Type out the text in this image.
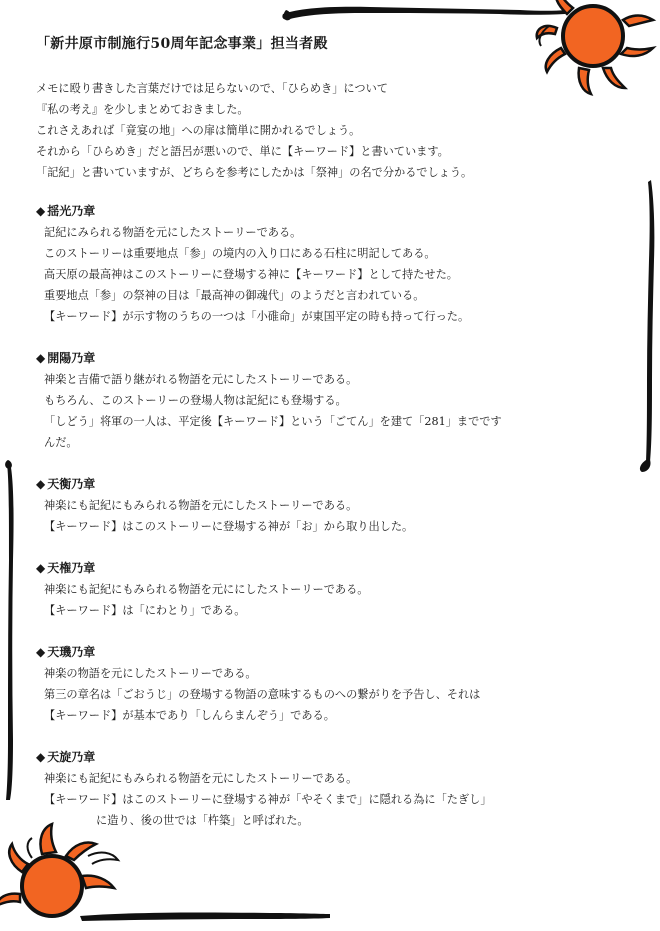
「新井原市制施行50周年記念事業」担当者殿

メモに殴り書きした言葉だけでは足らないので、「ひらめき」について

『私の考え』を少しまとめておきました。

これさえあれば「竟宴の地」への扉は簡単に開かれるでしょう。

それから「ひらめき」だと語呂が悪いので、単に【キーワード】と書いています。

「記紀」と書いていますが、どちらを参考にしたかは「祭神」の名で分かるでしょう。

◆ 揺光乃章

記紀にみられる物語を元にしたストーリーである。

このストーリーは重要地点「参」の境内の入り口にある石柱に明記してある。

高天原の最高神はこのストーリーに登場する神に【キーワード】として持たせた。

重要地点「参」の祭神の目は「最高神の御魂代」のようだと言われている。

【キーワード】が示す物のうちの一つは「小碓命」が東国平定の時も持って行った。

◆ 開陽乃章

神楽と吉備で語り継がれる物語を元にしたストーリーである。

もちろん、このストーリーの登場人物は記紀にも登場する。

「しどう」将軍の一人は、平定後【キーワード】という「ごてん」を建て「281」までです

んだ。

◆ 天衡乃章

神楽にも記紀にもみられる物語を元にしたストーリーである。

【キーワード】はこのストーリーに登場する神が「お」から取り出した。

◆ 天権乃章

神楽にも記紀にもみられる物語を元ににしたストーリーである。

【キーワード】は「にわとり」である。

◆ 天璣乃章

神楽の物語を元にしたストーリーである。

第三の章名は「ごおうじ」の登場する物語の意味するものへの繋がりを予告し、それは

【キーワード】が基本であり「しんらまんぞう」である。

◆ 天旋乃章

神楽にも記紀にもみられる物語を元にしたストーリーである。

【キーワード】はこのストーリーに登場する神が「やそくまで」に隠れる為に「たぎし」

に造り、後の世では「杵築」と呼ばれた。
